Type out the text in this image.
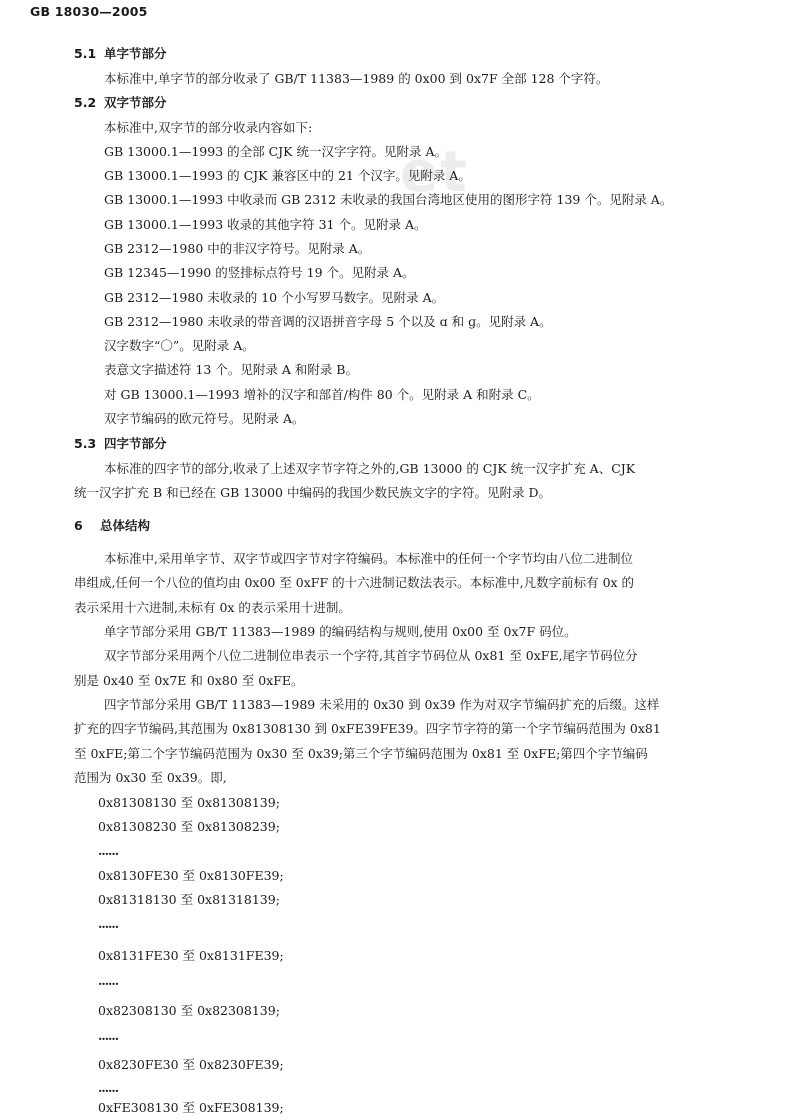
et
GB 18030—2005
5.1 单字节部分
本标准中,单字节的部分收录了 GB/T 11383—1989 的 0x00 到 0x7F 全部 128 个字符。
5.2 双字节部分
本标准中,双字节的部分收录内容如下:
GB 13000.1—1993 的全部 CJK 统一汉字字符。见附录 A。
GB 13000.1—1993 的 CJK 兼容区中的 21 个汉字。见附录 A。
GB 13000.1—1993 中收录而 GB 2312 未收录的我国台湾地区使用的图形字符 139 个。见附录 A。
GB 13000.1—1993 收录的其他字符 31 个。见附录 A。
GB 2312—1980 中的非汉字符号。见附录 A。
GB 12345—1990 的竖排标点符号 19 个。见附录 A。
GB 2312—1980 未收录的 10 个小写罗马数字。见附录 A。
GB 2312—1980 未收录的带音调的汉语拼音字母 5 个以及 ɑ 和 ɡ。见附录 A。
汉字数字“〇”。见附录 A。
表意文字描述符 13 个。见附录 A 和附录 B。
对 GB 13000.1—1993 增补的汉字和部首/构件 80 个。见附录 A 和附录 C。
双字节编码的欧元符号。见附录 A。
5.3 四字节部分
本标准的四字节的部分,收录了上述双字节字符之外的,GB 13000 的 CJK 统一汉字扩充 A、CJK
统一汉字扩充 B 和已经在 GB 13000 中编码的我国少数民族文字的字符。见附录 D。
6 总体结构
本标准中,采用单字节、双字节或四字节对字符编码。本标准中的任何一个字节均由八位二进制位
串组成,任何一个八位的值均由 0x00 至 0xFF 的十六进制记数法表示。本标准中,凡数字前标有 0x 的
表示采用十六进制,未标有 0x 的表示采用十进制。
单字节部分采用 GB/T 11383—1989 的编码结构与规则,使用 0x00 至 0x7F 码位。
双字节部分采用两个八位二进制位串表示一个字符,其首字节码位从 0x81 至 0xFE,尾字节码位分
别是 0x40 至 0x7E 和 0x80 至 0xFE。
四字节部分采用 GB/T 11383—1989 未采用的 0x30 到 0x39 作为对双字节编码扩充的后缀。这样
扩充的四字节编码,其范围为 0x81308130 到 0xFE39FE39。四字节字符的第一个字节编码范围为 0x81
至 0xFE;第二个字节编码范围为 0x30 至 0x39;第三个字节编码范围为 0x81 至 0xFE;第四个字节编码
范围为 0x30 至 0x39。即,
0x81308130 至 0x81308139;
0x81308230 至 0x81308239;
......
0x8130FE30 至 0x8130FE39;
0x81318130 至 0x81318139;
......
0x8131FE30 至 0x8131FE39;
......
0x82308130 至 0x82308139;
......
0x8230FE30 至 0x8230FE39;
......
0xFE308130 至 0xFE308139;
